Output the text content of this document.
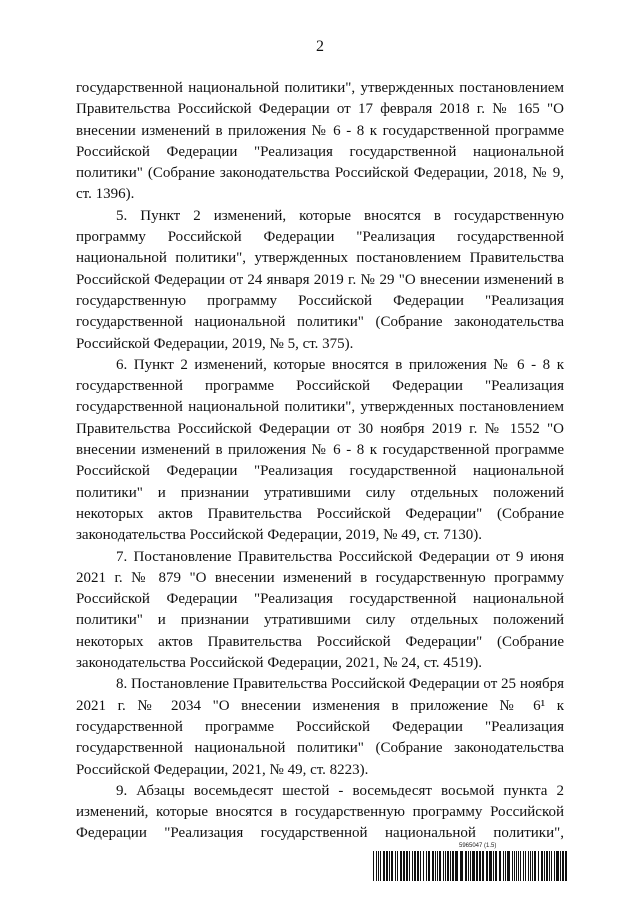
2

государственной национальной политики", утвержденных постановлением Правительства Российской Федерации от 17 февраля 2018 г. № 165 "О внесении изменений в приложения № 6 - 8 к государственной программе Российской Федерации "Реализация государственной национальной политики" (Собрание законодательства Российской Федерации, 2018, № 9, ст. 1396).

5. Пункт 2 изменений, которые вносятся в государственную программу Российской Федерации "Реализация государственной национальной политики", утвержденных постановлением Правительства Российской Федерации от 24 января 2019 г. № 29 "О внесении изменений в государственную программу Российской Федерации "Реализация государственной национальной политики" (Собрание законодательства Российской Федерации, 2019, № 5, ст. 375).

6. Пункт 2 изменений, которые вносятся в приложения № 6 - 8 к государственной программе Российской Федерации "Реализация государственной национальной политики", утвержденных постановлением Правительства Российской Федерации от 30 ноября 2019 г. № 1552 "О внесении изменений в приложения № 6 - 8 к государственной программе Российской Федерации "Реализация государственной национальной политики" и признании утратившими силу отдельных положений некоторых актов Правительства Российской Федерации" (Собрание законодательства Российской Федерации, 2019, № 49, ст. 7130).

7. Постановление Правительства Российской Федерации от 9 июня 2021 г. № 879 "О внесении изменений в государственную программу Российской Федерации "Реализация государственной национальной политики" и признании утратившими силу отдельных положений некоторых актов Правительства Российской Федерации" (Собрание законодательства Российской Федерации, 2021, № 24, ст. 4519).

8. Постановление Правительства Российской Федерации от 25 ноября 2021 г. № 2034 "О внесении изменения в приложение № 6¹ к государственной программе Российской Федерации "Реализация государственной национальной политики" (Собрание законодательства Российской Федерации, 2021, № 49, ст. 8223).

9. Абзацы восемьдесят шестой - восемьдесят восьмой пункта 2 изменений, которые вносятся в государственную программу Российской Федерации "Реализация государственной национальной политики",

5965047 (1.5)
